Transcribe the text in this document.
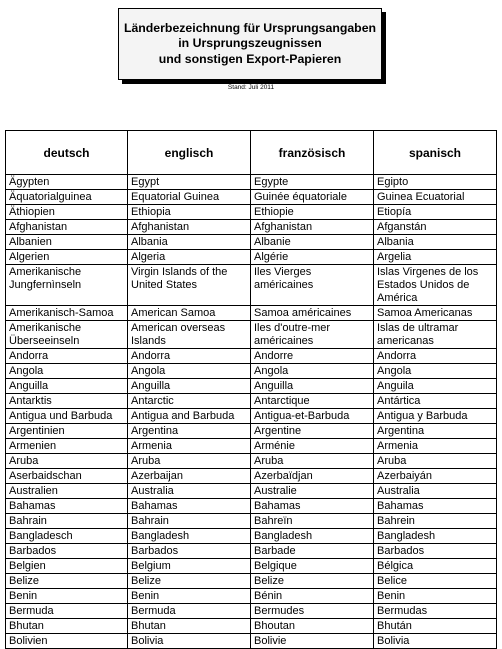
Länderbezeichnung für Ursprungsangaben
in Ursprungszeugnissen
und sonstigen Export-Papieren
Stand: Juli 2011
deutsch	englisch	französisch	spanisch
Ägypten	Egypt	Egypte	Egipto
Äquatorialguinea	Equatorial Guinea	Guinée équatoriale	Guinea Ecuatorial
Äthiopien	Ethiopia	Ethiopie	Etiopía
Afghanistan	Afghanistan	Afghanistan	Afganstán
Albanien	Albania	Albanie	Albania
Algerien	Algeria	Algérie	Argelia
Amerikanische Jungfernìnseln	Virgin Islands of the United States	Iles Vierges américaines	Islas Virgenes de los Estados Unidos de América
Amerikanisch-Samoa	American Samoa	Samoa américaines	Samoa Americanas
Amerikanische Überseeinseln	American overseas Islands	Iles d'outre-mer américaines	Islas de ultramar americanas
Andorra	Andorra	Andorre	Andorra
Angola	Angola	Angola	Angola
Anguilla	Anguilla	Anguilla	Anguila
Antarktis	Antarctic	Antarctique	Antártica
Antigua und Barbuda	Antigua and Barbuda	Antigua-et-Barbuda	Antigua y Barbuda
Argentinien	Argentina	Argentine	Argentina
Armenien	Armenia	Arménie	Armenia
Aruba	Aruba	Aruba	Aruba
Aserbaidschan	Azerbaijan	Azerbaïdjan	Azerbaiyán
Australien	Australia	Australie	Australia
Bahamas	Bahamas	Bahamas	Bahamas
Bahrain	Bahrain	Bahreïn	Bahrein
Bangladesch	Bangladesh	Bangladesh	Bangladesh
Barbados	Barbados	Barbade	Barbados
Belgien	Belgium	Belgique	Bélgica
Belize	Belize	Belize	Belice
Benin	Benin	Bénin	Benin
Bermuda	Bermuda	Bermudes	Bermudas
Bhutan	Bhutan	Bhoutan	Bhután
Bolivien	Bolivia	Bolivie	Bolivia
